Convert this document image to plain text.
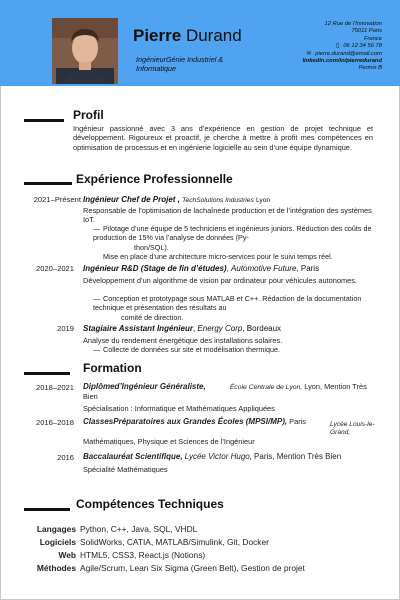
Pierre Durand
IngénieurGénie Industriel & Informatique
12 Rue de l'Innovation
75011 Paris
France
▯ 06 12 34 56 78
✉ pierre.durand@email.com
linkedin.com/in/pierredurand
Permis B
Profil
Ingénieur passionné avec 3 ans d’expérience en gestion de projet technique et développement. Rigoureux et proactif, je cherche à mettre à profit mes compétences en optimisation de processus et en ingénierie logicielle au sein d’une équipe dynamique.
Expérience Professionnelle
2021–Présent Ingénieur Chef de Projet , TechSolutions Industries Lyon
Responsable de l’optimisation de lachaînede production et de l’intégration des systèmes IoT.
— Pilotage d’une équipe de 5 techniciens et ingénieurs juniors. Réduction des coûts de production de 15% via l’analyse de données (Py-
thon/SQL).
Mise en place d’une architecture micro-services pour le suivi temps réel.
2020–2021 Ingénieur R&D (Stage de fin d’études), Automotive Future, Paris
Développement d’un algorithme de vision par ordinateur pour véhicules autonomes.
— Conception et prototypage sous MATLAB et C++. Rédaction de la documentation technique et présentation des résultats au
comité de direction.
2019 Stagiaire Assistant Ingénieur, Energy Corp, Bordeaux
Analyse du rendement énergétique des installations solaires.
— Collecte de données sur site et modélisation thermique.
Formation
2018–2021 Diplômed’Ingénieur Généraliste,	École Centrale de Lyon, Lyon, Mention Très Bien
Spécialisation : Informatique et Mathématiques Appliquées
2016–2018 ClassesPréparatoires aux Grandes Écoles (MPSI/MP), Paris	Lycée Louis-le-Grand,
Mathématiques, Physique et Sciences de l’Ingénieur
2016 Baccalauréat Scientifique, Lycée Victor Hugo, Paris, Mention Très Bien
Spécialité Mathématiques
Compétences Techniques
Langages Python, C++, Java, SQL, VHDL
Logiciels SolidWorks, CATIA, MATLAB/Simulink, Git, Docker
Web HTML5, CSS3, React.js (Notions)
Méthodes Agile/Scrum, Lean Six Sigma (Green Belt), Gestion de projet
